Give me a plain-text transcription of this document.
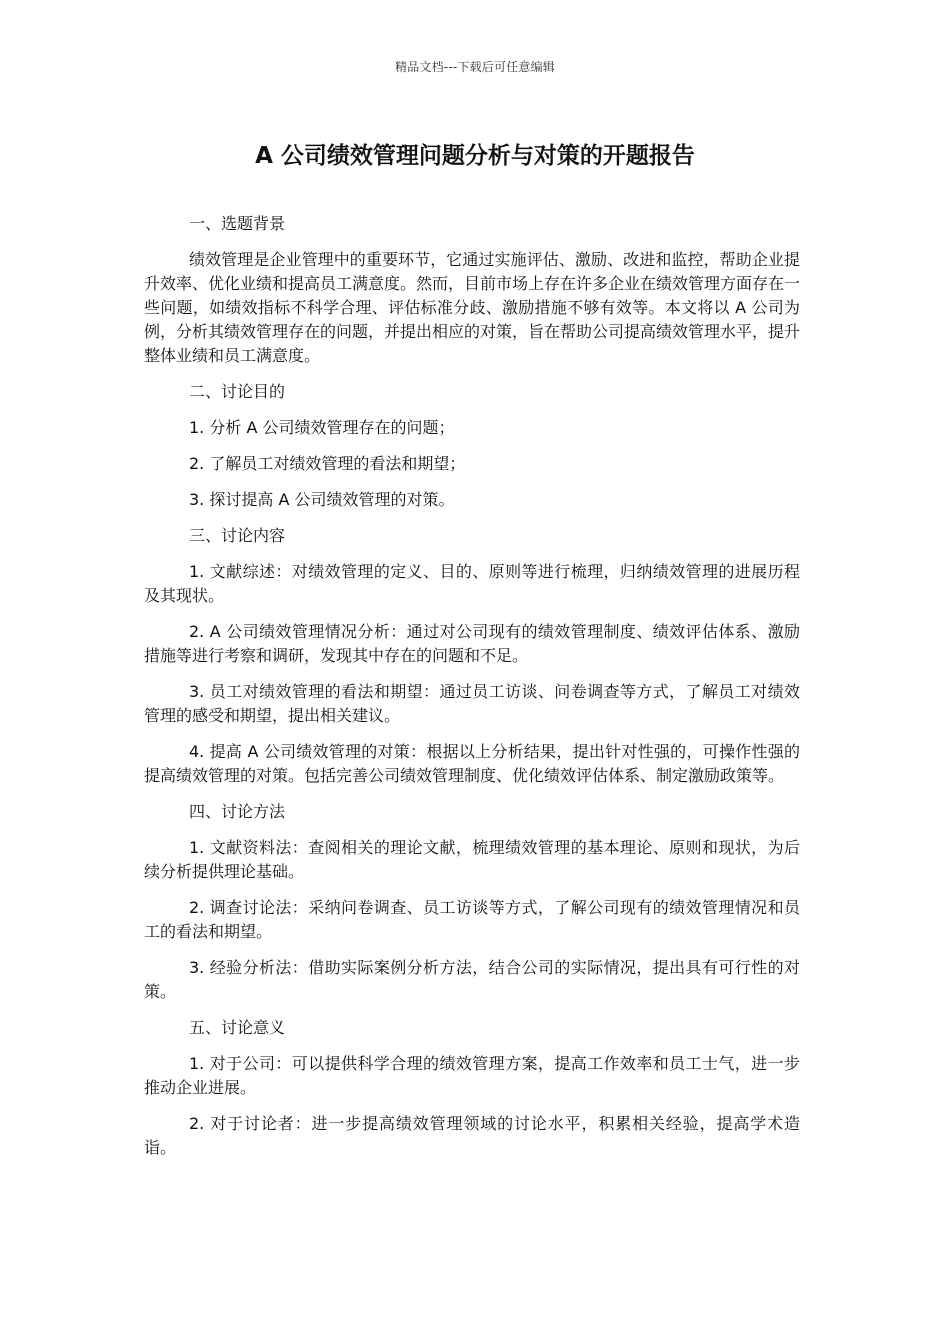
精品文档---下载后可任意编辑
A 公司绩效管理问题分析与对策的开题报告

一、选题背景

绩效管理是企业管理中的重要环节，它通过实施评估、激励、改进和监控，帮助企业提升效率、优化业绩和提高员工满意度。然而，目前市场上存在许多企业在绩效管理方面存在一些问题，如绩效指标不科学合理、评估标准分歧、激励措施不够有效等。本文将以 A 公司为例，分析其绩效管理存在的问题，并提出相应的对策，旨在帮助公司提高绩效管理水平，提升整体业绩和员工满意度。

二、讨论目的

1. 分析 A 公司绩效管理存在的问题；

2. 了解员工对绩效管理的看法和期望；

3. 探讨提高 A 公司绩效管理的对策。

三、讨论内容

1. 文献综述：对绩效管理的定义、目的、原则等进行梳理，归纳绩效管理的进展历程及其现状。

2. A 公司绩效管理情况分析：通过对公司现有的绩效管理制度、绩效评估体系、激励措施等进行考察和调研，发现其中存在的问题和不足。

3. 员工对绩效管理的看法和期望：通过员工访谈、问卷调查等方式，了解员工对绩效管理的感受和期望，提出相关建议。

4. 提高 A 公司绩效管理的对策：根据以上分析结果，提出针对性强的，可操作性强的提高绩效管理的对策。包括完善公司绩效管理制度、优化绩效评估体系、制定激励政策等。

四、讨论方法

1. 文献资料法：查阅相关的理论文献，梳理绩效管理的基本理论、原则和现状，为后续分析提供理论基础。

2. 调查讨论法：采纳问卷调查、员工访谈等方式，了解公司现有的绩效管理情况和员工的看法和期望。

3. 经验分析法：借助实际案例分析方法，结合公司的实际情况，提出具有可行性的对策。

五、讨论意义

1. 对于公司：可以提供科学合理的绩效管理方案，提高工作效率和员工士气，进一步推动企业进展。

2. 对于讨论者：进一步提高绩效管理领域的讨论水平，积累相关经验，提高学术造诣。
